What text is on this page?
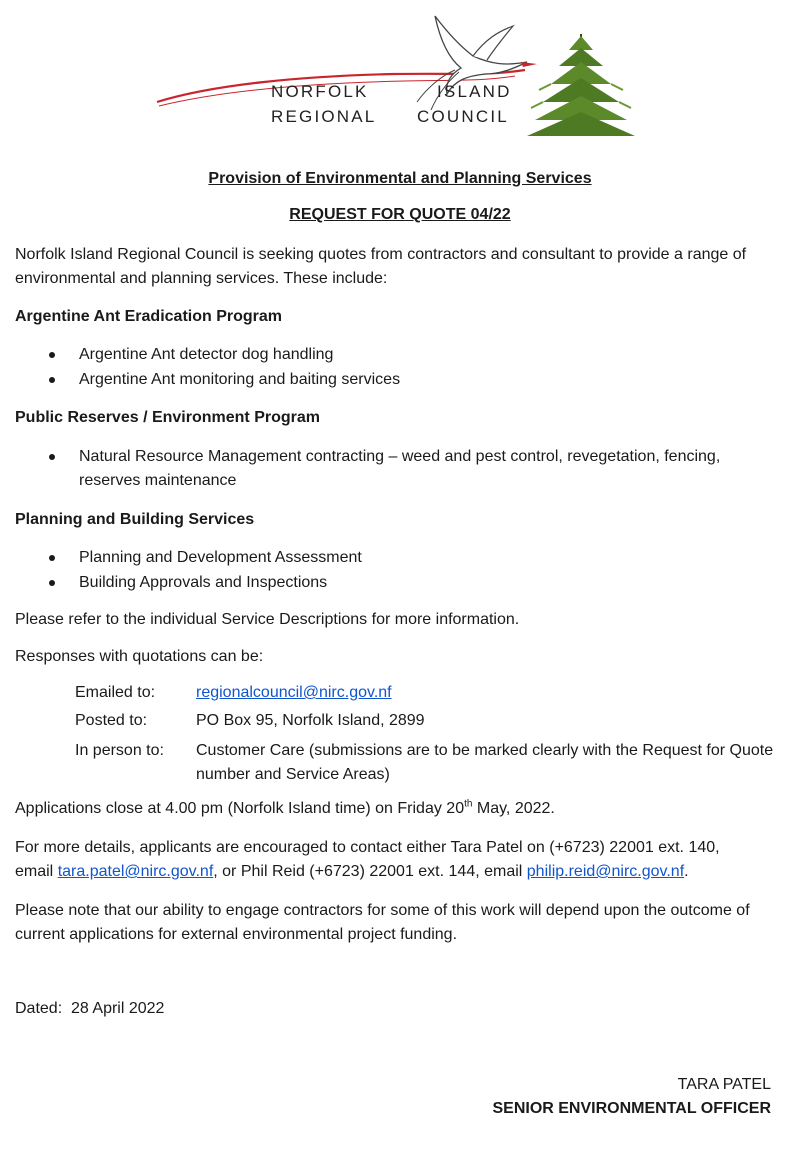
NORFOLK	ISLAND
REGIONAL COUNCIL
Provision of Environmental and Planning Services
REQUEST FOR QUOTE 04/22
Norfolk Island Regional Council is seeking quotes from contractors and consultant to provide a range of environmental and planning services. These include:
Argentine Ant Eradication Program
Argentine Ant detector dog handling
Argentine Ant monitoring and baiting services
Public Reserves / Environment Program
Natural Resource Management contracting – weed and pest control, revegetation, fencing, reserves maintenance
Planning and Building Services
Planning and Development Assessment
Building Approvals and Inspections
Please refer to the individual Service Descriptions for more information.
Responses with quotations can be:
Emailed to:	regionalcouncil@nirc.gov.nf
Posted to:	PO Box 95, Norfolk Island, 2899
In person to: Customer Care (submissions are to be marked clearly with the Request for Quote number and Service Areas)
Applications close at 4.00 pm (Norfolk Island time) on Friday 20th May, 2022.
For more details, applicants are encouraged to contact either Tara Patel on (+6723) 22001 ext. 140,
email tara.patel@nirc.gov.nf, or Phil Reid (+6723) 22001 ext. 144, email philip.reid@nirc.gov.nf.
Please note that our ability to engage contractors for some of this work will depend upon the outcome of current applications for external environmental project funding.
Dated: 28 April 2022
TARA PATEL
SENIOR ENVIRONMENTAL OFFICER
